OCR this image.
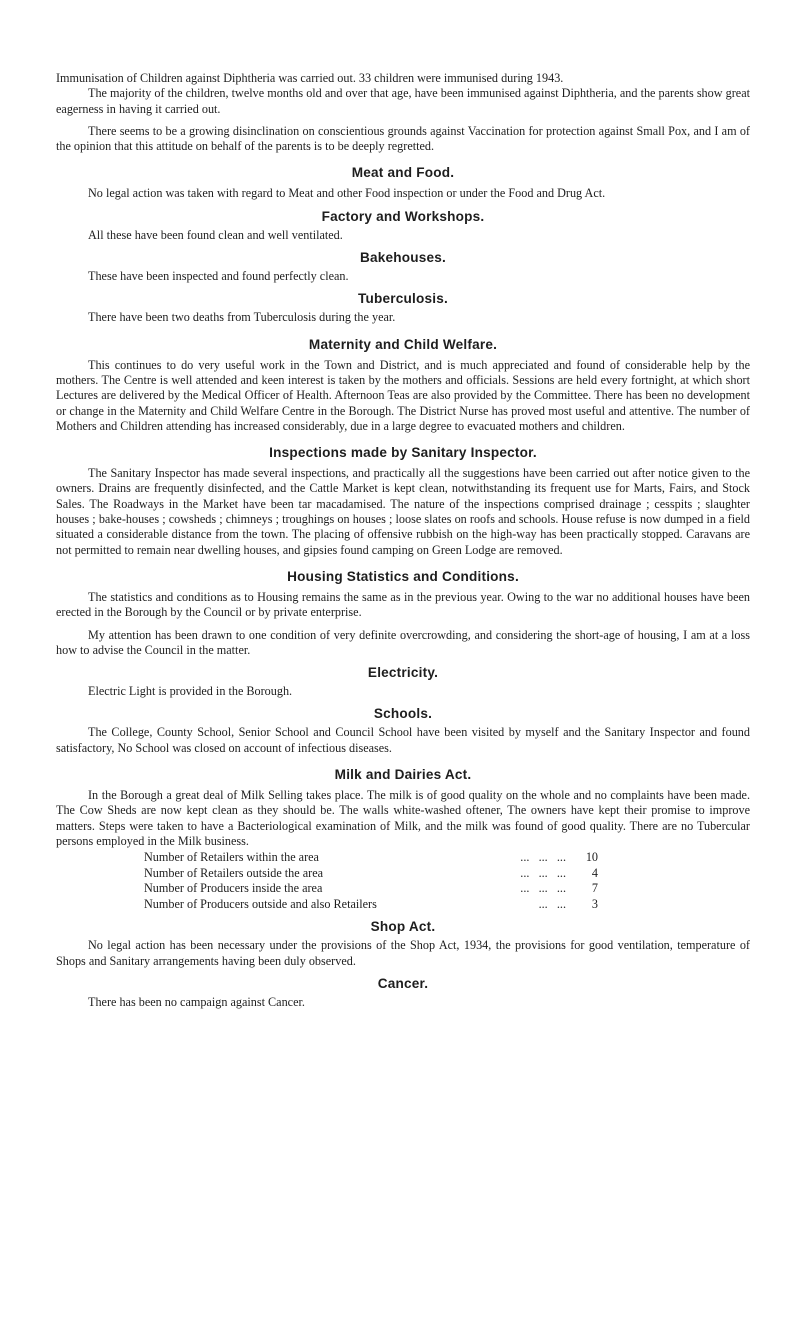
Immunisation of Children against Diphtheria was carried out. 33 children were immunised during 1943.

The majority of the children, twelve months old and over that age, have been immunised against Diphtheria, and the parents show great eagerness in having it carried out.

There seems to be a growing disinclination on conscientious grounds against Vaccination for protection against Small Pox, and I am of the opinion that this attitude on behalf of the parents is to be deeply regretted.

Meat and Food.

No legal action was taken with regard to Meat and other Food inspection or under the Food and Drug Act.

Factory and Workshops.

All these have been found clean and well ventilated.

Bakehouses.

These have been inspected and found perfectly clean.

Tuberculosis.

There have been two deaths from Tuberculosis during the year.

Maternity and Child Welfare.

This continues to do very useful work in the Town and District, and is much appreciated and found of considerable help by the mothers. The Centre is well attended and keen interest is taken by the mothers and officials. Sessions are held every fortnight, at which short Lectures are delivered by the Medical Officer of Health. Afternoon Teas are also provided by the Committee. There has been no development or change in the Maternity and Child Welfare Centre in the Borough. The District Nurse has proved most useful and attentive. The number of Mothers and Children attending has increased considerably, due in a large degree to evacuated mothers and children.

Inspections made by Sanitary Inspector.

The Sanitary Inspector has made several inspections, and practically all the suggestions have been carried out after notice given to the owners. Drains are frequently disinfected, and the Cattle Market is kept clean, notwithstanding its frequent use for Marts, Fairs, and Stock Sales. The Roadways in the Market have been tar macadamised. The nature of the inspections comprised drainage ; cesspits ; slaughter houses ; bake-houses ; cowsheds ; chimneys ; troughings on houses ; loose slates on roofs and schools. House refuse is now dumped in a field situated a considerable distance from the town. The placing of offensive rubbish on the high-way has been practically stopped. Caravans are not permitted to remain near dwelling houses, and gipsies found camping on Green Lodge are removed.

Housing Statistics and Conditions.

The statistics and conditions as to Housing remains the same as in the previous year. Owing to the war no additional houses have been erected in the Borough by the Council or by private enterprise.

My attention has been drawn to one condition of very definite overcrowding, and considering the short-age of housing, I am at a loss how to advise the Council in the matter.

Electricity.

Electric Light is provided in the Borough.

Schools.

The College, County School, Senior School and Council School have been visited by myself and the Sanitary Inspector and found satisfactory, No School was closed on account of infectious diseases.

Milk and Dairies Act.

In the Borough a great deal of Milk Selling takes place. The milk is of good quality on the whole and no complaints have been made. The Cow Sheds are now kept clean as they should be. The walls white-washed oftener, The owners have kept their promise to improve matters. Steps were taken to have a Bacteriological examination of Milk, and the milk was found of good quality. There are no Tubercular persons employed in the Milk business.

Number of Retailers within the area ...   ...   ...	10
Number of Retailers outside the area ...   ...   ...	4
Number of Producers inside the area ...   ...   ...	7
Number of Producers outside and also Retailers ...   ...	3
Shop Act.

No legal action has been necessary under the provisions of the Shop Act, 1934, the provisions for good ventilation, temperature of Shops and Sanitary arrangements having been duly observed.

Cancer.

There has been no campaign against Cancer.
